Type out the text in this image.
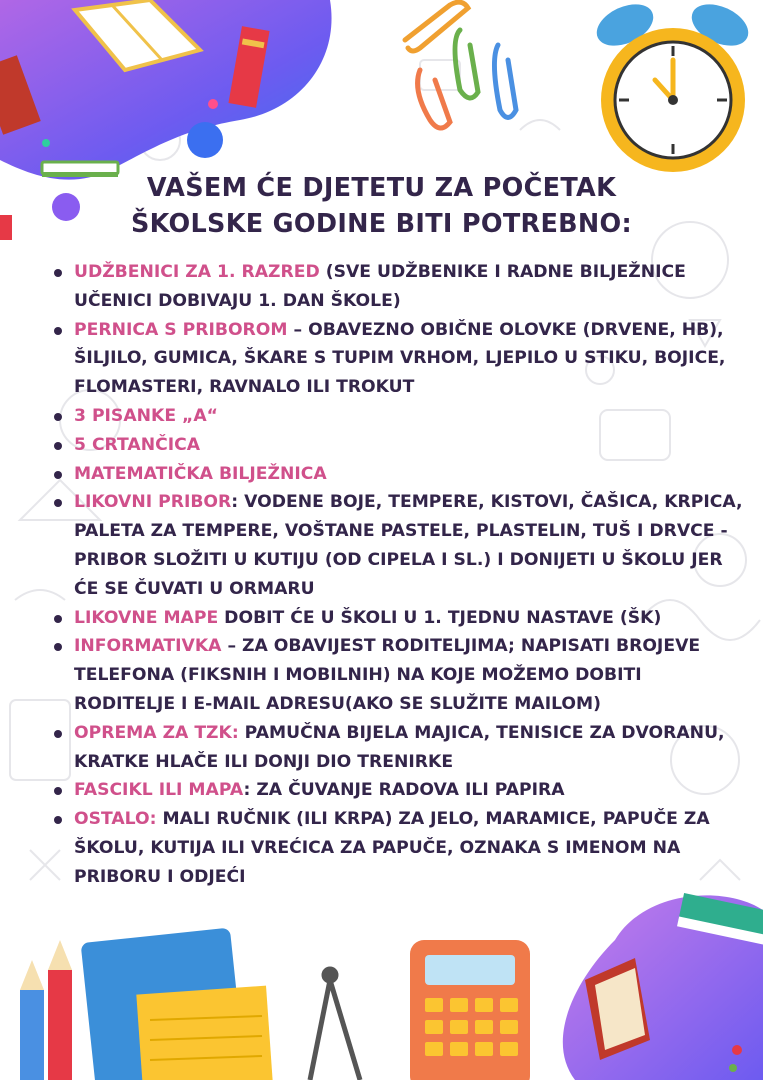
VAŠEM ĆE DJETETU ZA POČETAK
ŠKOLSKE GODINE BITI POTREBNO:
UDŽBENICI ZA 1. RAZRED (SVE UDŽBENIKE I RADNE BILJEŽNICE UČENICI DOBIVAJU 1. DAN ŠKOLE)
PERNICA S PRIBOROM – OBAVEZNO OBIČNE OLOVKE (DRVENE, HB), ŠILJILO, GUMICA, ŠKARE S TUPIM VRHOM, LJEPILO U STIKU, BOJICE, FLOMASTERI, RAVNALO ILI TROKUT
3 PISANKE „A“
5 CRTANČICA
MATEMATIČKA BILJEŽNICA
LIKOVNI PRIBOR: VODENE BOJE, TEMPERE, KISTOVI, ČAŠICA, KRPICA, PALETA ZA TEMPERE, VOŠTANE PASTELE, PLASTELIN, TUŠ I DRVCE - PRIBOR SLOŽITI U KUTIJU (OD CIPELA I SL.) I DONIJETI U ŠKOLU JER ĆE SE ČUVATI U ORMARU
LIKOVNE MAPE DOBIT ĆE U ŠKOLI U 1. TJEDNU NASTAVE (ŠK)
INFORMATIVKA – ZA OBAVIJEST RODITELJIMA; NAPISATI BROJEVE TELEFONA (FIKSNIH I MOBILNIH) NA KOJE MOŽEMO DOBITI RODITELJE I E-MAIL ADRESU(AKO SE SLUŽITE MAILOM)
OPREMA ZA TZK: PAMUČNA BIJELA MAJICA, TENISICE ZA DVORANU, KRATKE HLAČE ILI DONJI DIO TRENIRKE
FASCIKL ILI MAPA: ZA ČUVANJE RADOVA ILI PAPIRA
OSTALO: MALI RUČNIK (ILI KRPA) ZA JELO, MARAMICE, PAPUČE ZA ŠKOLU, KUTIJA ILI VREĆICA ZA PAPUČE, OZNAKA S IMENOM NA PRIBORU I ODJEĆI
